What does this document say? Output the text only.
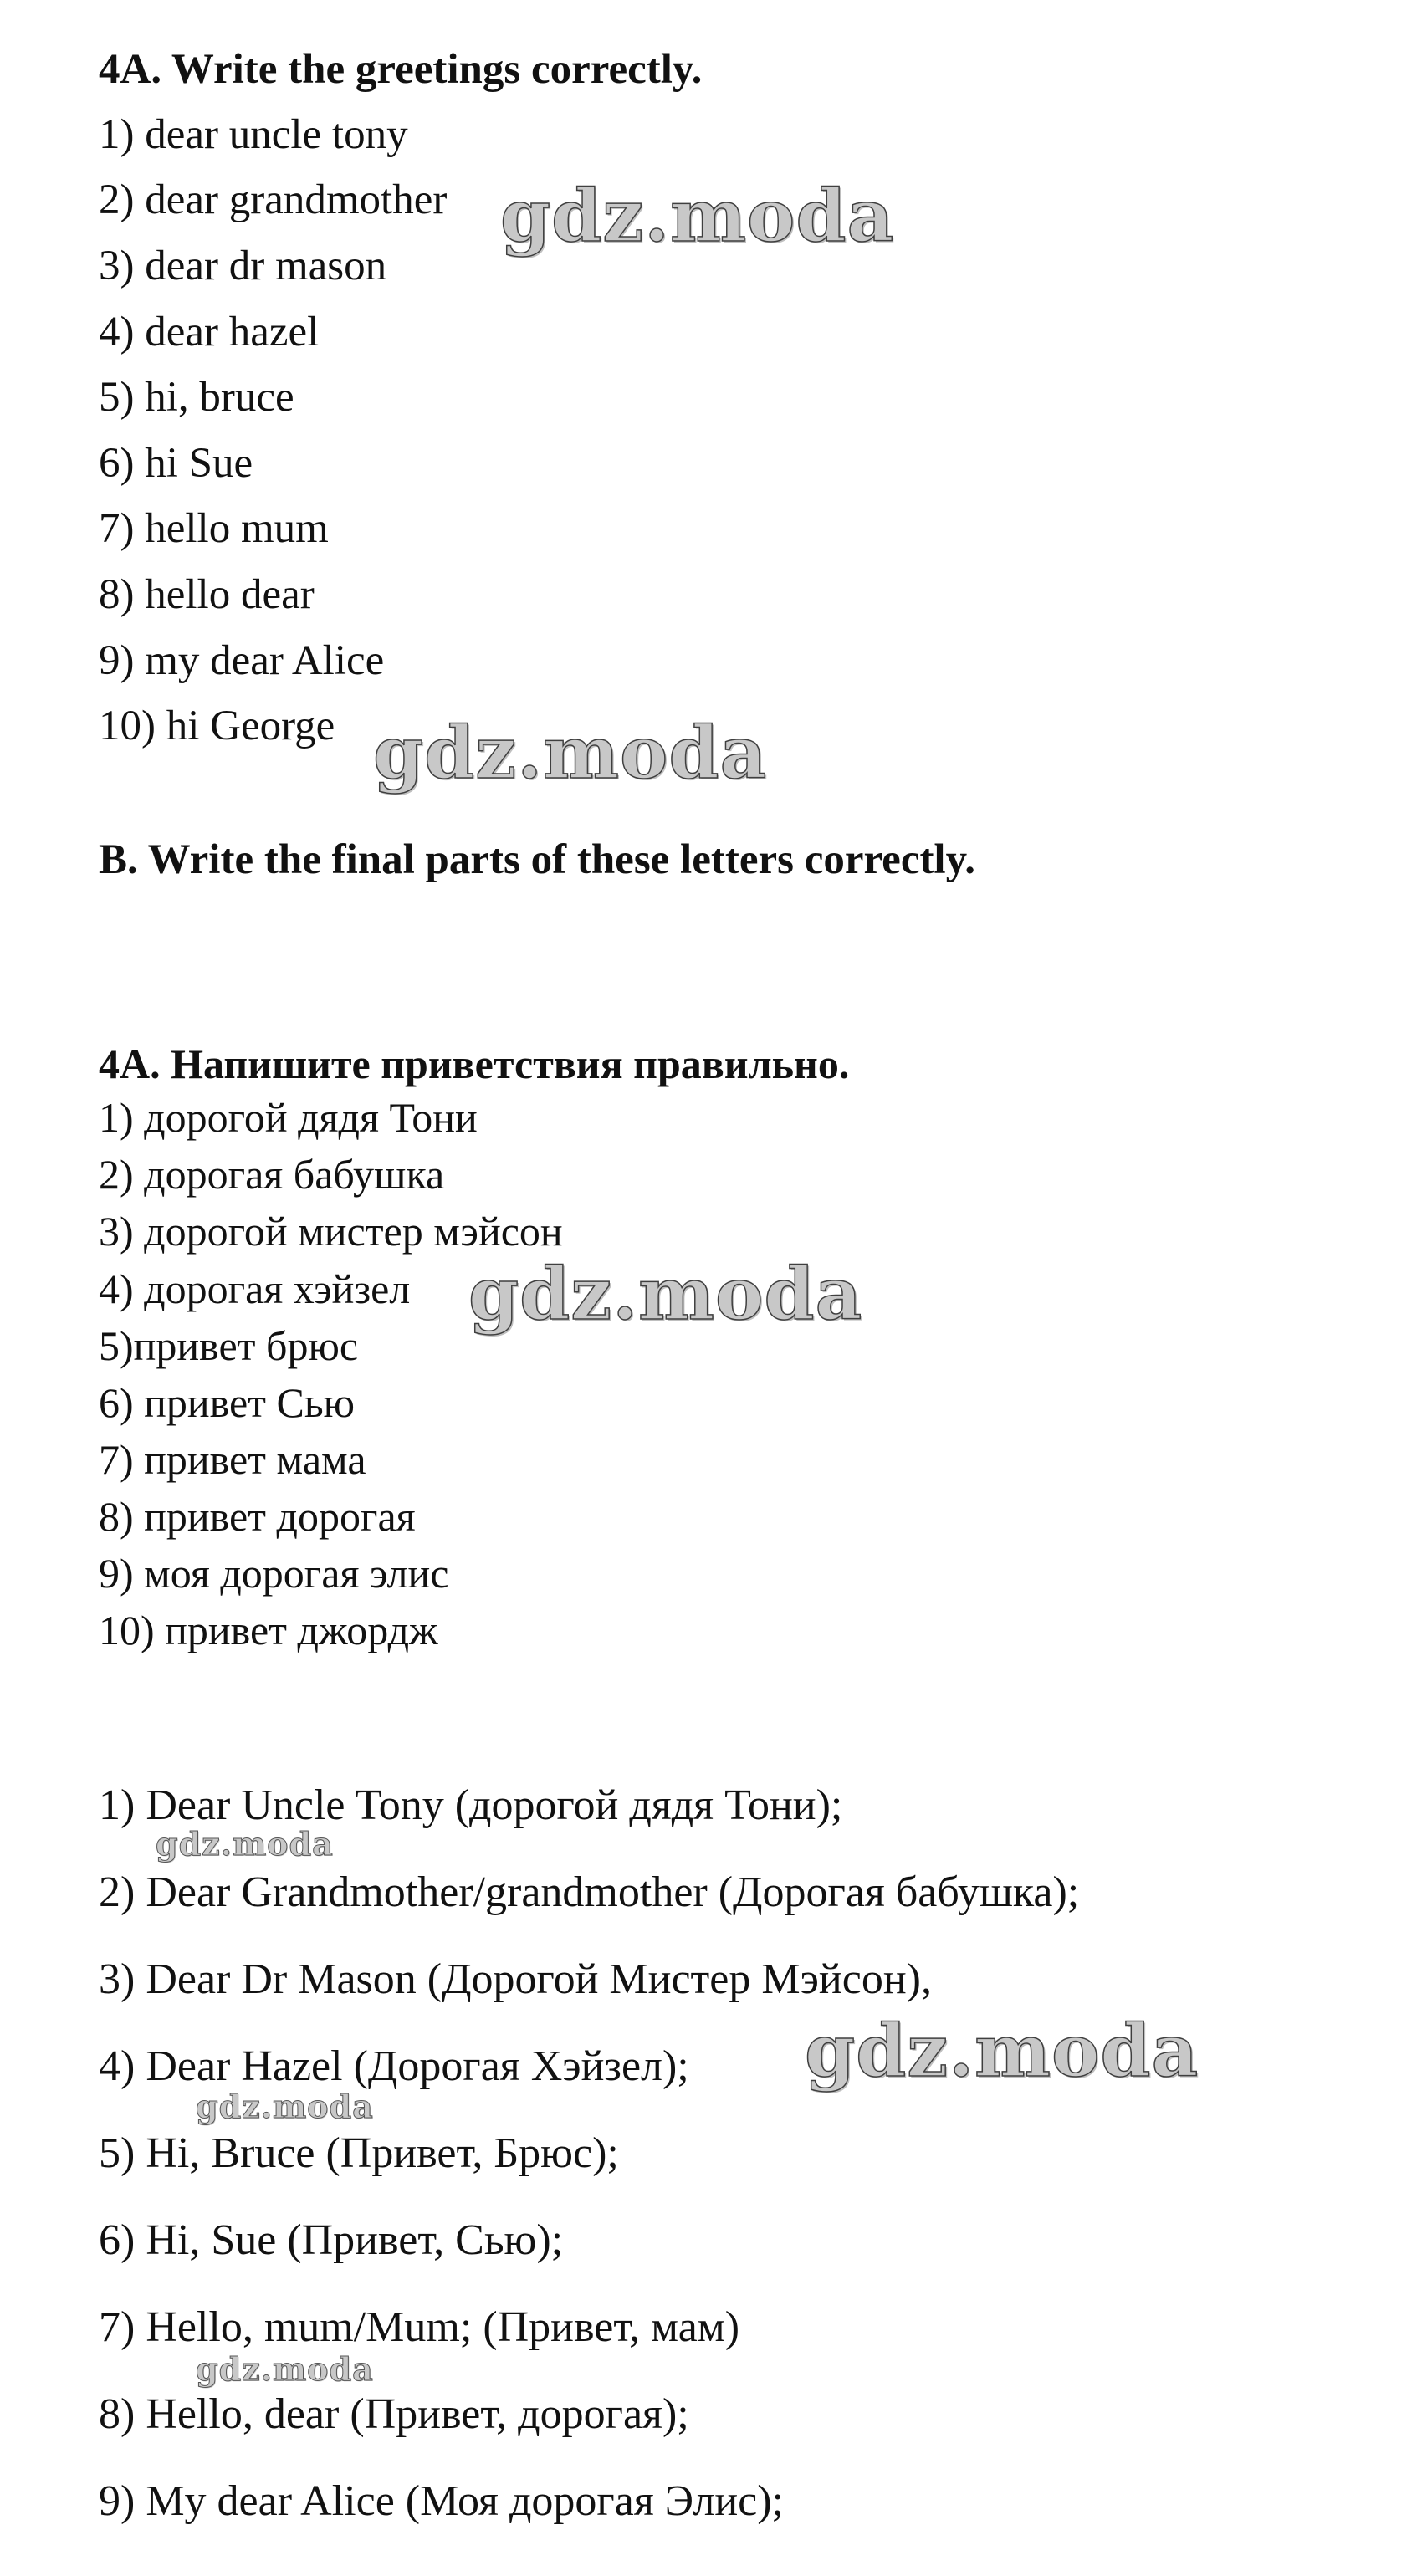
4A. Write the greetings correctly.
1) dear uncle tony
2) dear grandmother
3) dear dr mason
4) dear hazel
5) hi, bruce
6) hi Sue
7) hello mum
8) hello dear
9) my dear Alice
10) hi George
B. Write the final parts of these letters correctly.
4A. Напишите приветствия правильно.
1) дорогой дядя Тони
2) дорогая бабушка
3) дорогой мистер мэйсон
4) дорогая хэйзел
5)привет брюс
6) привет Сью
7) привет мама
8) привет дорогая
9) моя дорогая элис
10) привет джордж
1) Dear Uncle Tony (дорогой дядя Тони);
2) Dear Grandmother/grandmother (Дорогая бабушка);
3) Dear Dr Mason (Дорогой Мистер Мэйсон),
4) Dear Hazel (Дорогая Хэйзел);
5) Hi, Bruce (Привет, Брюс);
6) Hi, Sue (Привет, Сью);
7) Hello, mum/Mum; (Привет, мам)
8) Hello, dear (Привет, дорогая);
9) My dear Alice (Моя дорогая Элис);
gdz.moda
gdz.moda
gdz.moda
gdz.moda
gdz.moda
gdz.moda
gdz.moda
